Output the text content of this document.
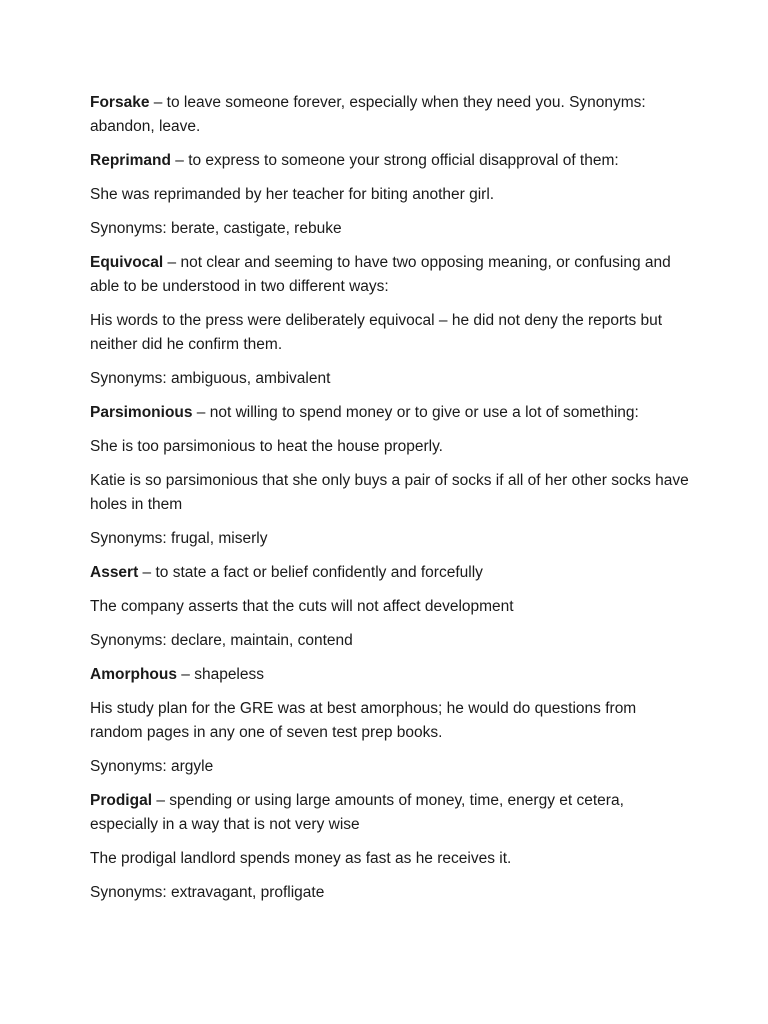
Forsake – to leave someone forever, especially when they need you. Synonyms: abandon, leave.

Reprimand – to express to someone your strong official disapproval of them:

She was reprimanded by her teacher for biting another girl.

Synonyms: berate, castigate, rebuke

Equivocal – not clear and seeming to have two opposing meaning, or confusing and able to be understood in two different ways:

His words to the press were deliberately equivocal – he did not deny the reports but neither did he confirm them.

Synonyms: ambiguous, ambivalent

Parsimonious – not willing to spend money or to give or use a lot of something:

She is too parsimonious to heat the house properly.

Katie is so parsimonious that she only buys a pair of socks if all of her other socks have holes in them

Synonyms: frugal, miserly

Assert – to state a fact or belief confidently and forcefully

The company asserts that the cuts will not affect development

Synonyms: declare, maintain, contend

Amorphous – shapeless

His study plan for the GRE was at best amorphous; he would do questions from random pages in any one of seven test prep books.

Synonyms: argyle

Prodigal – spending or using large amounts of money, time, energy et cetera, especially in a way that is not very wise

The prodigal landlord spends money as fast as he receives it.

Synonyms: extravagant, profligate
